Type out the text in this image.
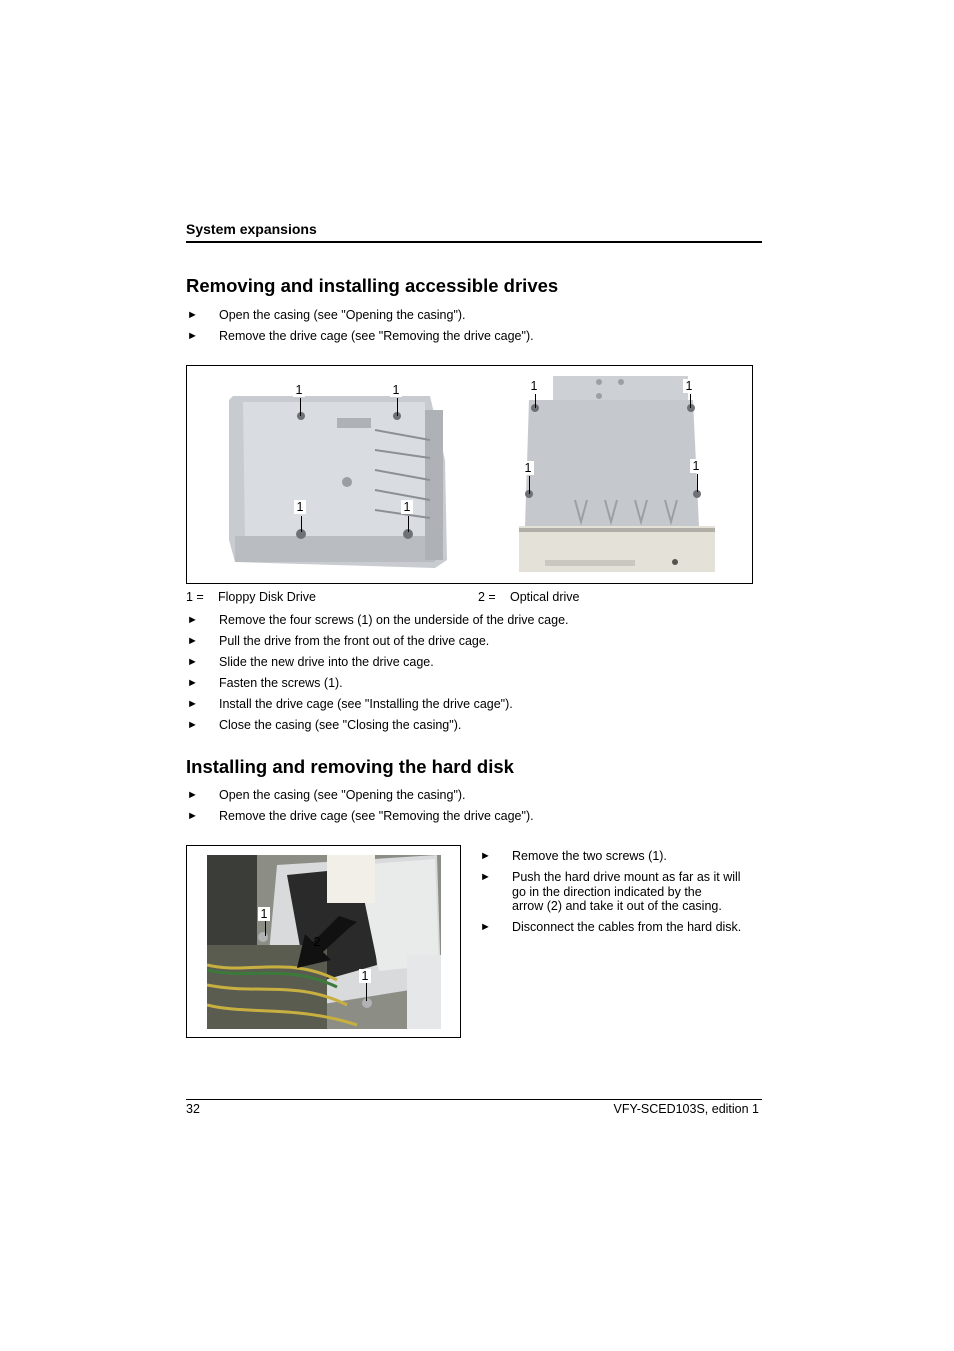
System expansions
Removing and installing accessible drives
► Open the casing (see "Opening the casing").
► Remove the drive cage (see "Removing the drive cage").
1	1
1	1
1	1
1	1
1 = Floppy Disk Drive	2 = Optical drive
► Remove the four screws (1) on the underside of the drive cage.
► Pull the drive from the front out of the drive cage.
► Slide the new drive into the drive cage.
► Fasten the screws (1).
► Install the drive cage (see "Installing the drive cage").
► Close the casing (see "Closing the casing").
Installing and removing the hard disk
► Open the casing (see "Opening the casing").
► Remove the drive cage (see "Removing the drive cage").
1
2
1
► Remove the two screws (1).
► Push the hard drive mount as far as it will
go in the direction indicated by the
arrow (2) and take it out of the casing.
► Disconnect the cables from the hard disk.
32	VFY-SCED103S, edition 1
